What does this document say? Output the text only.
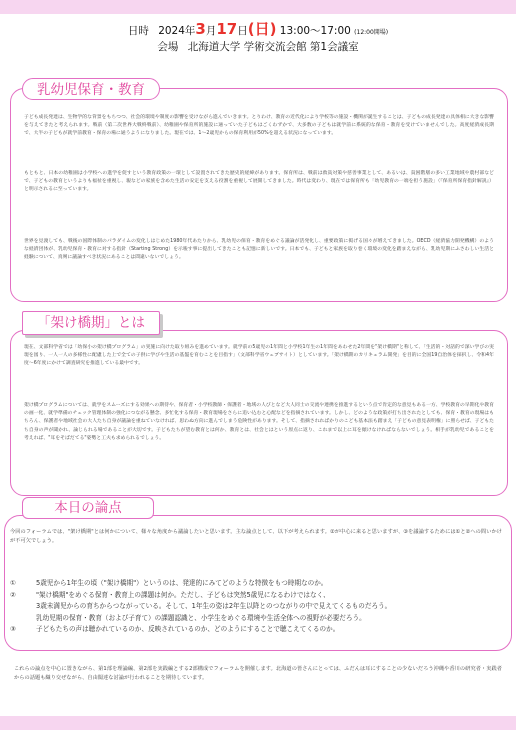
日時 2024年3月17日(日) 13:00～17:00 (12:00開場)
会場 北海道大学 学術交流会館 第1会議室
乳幼児保育・教育
子ども成長発達は、生物学的な背景をもちつつ、社会的環境や制度の影響を受けながら進んでいきます。とりわけ、教育の近代化により学校等の施設・機関が誕生することは、子どもの成長発達の具体相に大きな影響を与えてきたと考えられます。戦前（第二次世界大戦終戦前）、幼稚園や保育所的施設に通っていた子どもはごくわずかで、大多数の子どもは就学前に系統的な保育・教育を受けていませんでした。高度経済成長期で、大半の子どもが就学前教育・保育の場に通うようになりました。現在では、1～2歳児からの保育利用が50%を超える状況になっています。
もともと、日本の幼稚園は小学校への進学を促すという教育政策の一環として設置されてきた歴史的経緯があります。保育所は、戦前は救貧対策や慈善事業として、あるいは、貧困階層の多い工業地域や農村部などで、子どもの教育というよりも福祉を重視し、親などの家族を含めた生活の安定を支える役割を重視して展開してきました。時代は変わり、現在では保育所も「幼児教育の一端を担う施設」（『保育所保育指針解説』）と明示されるに至っています。
世界を見渡しても、戦後の国際体制のパラダイムの変化しはじめた1980年代あたりから、乳幼児の保育・教育をめぐる議論が活発化し、重要政策に掲げる国々が増えてきました。OECD（経済協力開発機構）のような経済団体が、乳幼児保育・教育に対する指針（Starting Strong）を示唆す事に提出してきたことも記憶に新しいです。日本でも、子どもと家族を取り巻く環境の変化を踏まえながら、乳幼児期にふさわしい生活と経験について、真剣に議論すべき状況にあることは間違いないでしょう。
「架け橋期」とは
現在、文部科学省では「幼保小の架け橋プログラム」の実施に向けた取り組みを進めています。就学前の5歳児の1年間と小学校1年生の1年間をあわせた2年間を"架け橋期"と称して、「生活的・対話的で深い学びの実現を図り、一人一人の多様性に配慮した上で全ての子供に学びや生活の基盤を育むことを目指す」（文部科学省ウェブサイト）としています。「架け橋期のカリキュラム開発」を目的に全国19自治体を採択し、令和4年度～6年度にかけて調査研究を推進している最中です。
架け橋プログラムについては、就学をスムーズにする効果への期待や、保育者・小学校教師・保護者・地域の人びとなど大人同士の交流や連携を推進するという点で肯定的な意見もある一方、学校教育の早期化や教育の画一化、就学準備のチェック管理体制の強化につながる懸念、多忙化する保育・教育現場をさらに追い込むと心配などを指摘されています。しかし、どのような政策が打ち出されたとしても、保育・教育の現場はもちろん、保護者や地域社会の大人たち自身が議論を重ねていなければ、思わぬ方向に進んでしまう危険性があります。そして、指摘されればかりのこども基本法も踏まえ「子どもの意見表明権」に照らせば、子どもたち自身の声が聞かれ、論じられる場であることが大切です。子どもたちが望む教育とは何か、教育とは、社会とはという原点に返り、これまで以上に耳を傾けなければならないでしょう。相手が乳幼児であることを考えれば、"耳をそばだてる"姿勢と工夫も求められるでしょう。
本日の論点
今回のフォーラムでは、"架け橋期"とは何かについて、様々な角度から議論したいと思います。主な論点として、以下が考えられます。②が中心に来ると思いますが、③を議論するためには①と②への問いかけが不可欠でしょう。
①	5歳児から1年生の頃（"架け橋期"）というのは、発達的にみてどのような特徴をもつ時期なのか。
②	"架け橋期"をめぐる保育・教育上の課題は何か。ただし、子どもは突然5歳児になるわけではなく、
3歳未満児からの育ちからつながっている。そして、1年生の姿は2年生以降とのつながりの中で見えてくるものだろう。
乳幼児期の保育・教育（および子育て）の課題認識と、小学生をめぐる環境や生活全体への視野が必要だろう。
③	子どもたちの声は聴かれているのか、反映されているのか、どのようにすることで聴こえてくるのか。
これらの論点を中心に置きながら、第1部を理論編、第2部を実践編とする2部構成でフォーラムを開催します。北海道の皆さんにとっては、ふだんは耳にすることの少ないだろう沖縄や香川の研究者・実践者からの話題も織り交ぜながら、自由闊達な討論が行われることを期待しています。
